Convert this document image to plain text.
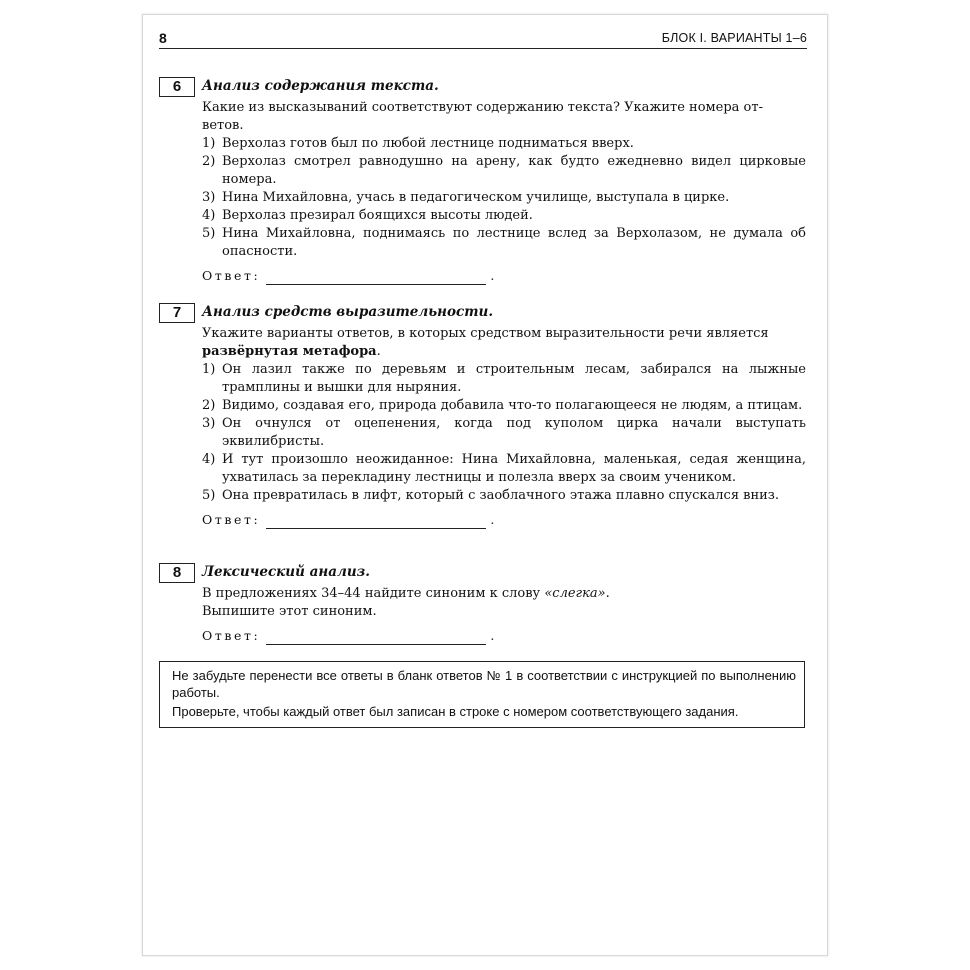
8	БЛОК I. ВАРИАНТЫ 1–6
6	Анализ содержания текста.

Какие из высказываний соответствуют содержанию текста? Укажите номера от-
ветов.

1) Верхолаз готов был по любой лестнице подниматься вверх.
2) Верхолаз смотрел равнодушно на арену, как будто ежедневно видел цирковые номера.
3) Нина Михайловна, учась в педагогическом училище, выступала в цирке.
4) Верхолаз презирал боящихся высоты людей.
5) Нина Михайловна, поднимаясь по лестнице вслед за Верхолазом, не думала об опасности.
Ответ:	.
7	Анализ средств выразительности.

Укажите варианты ответов, в которых средством выразительности речи является
развёрнутая метафора.

1) Он лазил также по деревьям и строительным лесам, забирался на лыжные трамплины и вышки для ныряния.
2) Видимо, создавая его, природа добавила что-то полагающееся не людям, а птицам.
3) Он очнулся от оцепенения, когда под куполом цирка начали выступать эквилибристы.
4) И тут произошло неожиданное: Нина Михайловна, маленькая, седая женщина, ухватилась за перекладину лестницы и полезла вверх за своим учеником.
5) Она превратилась в лифт, который с заоблачного этажа плавно спускался вниз.
Ответ:	.
8	Лексический анализ.

В предложениях 34–44 найдите синоним к слову «слегка».
Выпишите этот синоним.

Ответ:	.

Не забудьте перенести все ответы в бланк ответов № 1 в соответствии с инструкцией по выполнению работы.

Проверьте, чтобы каждый ответ был записан в строке с номером соответствующего задания.
